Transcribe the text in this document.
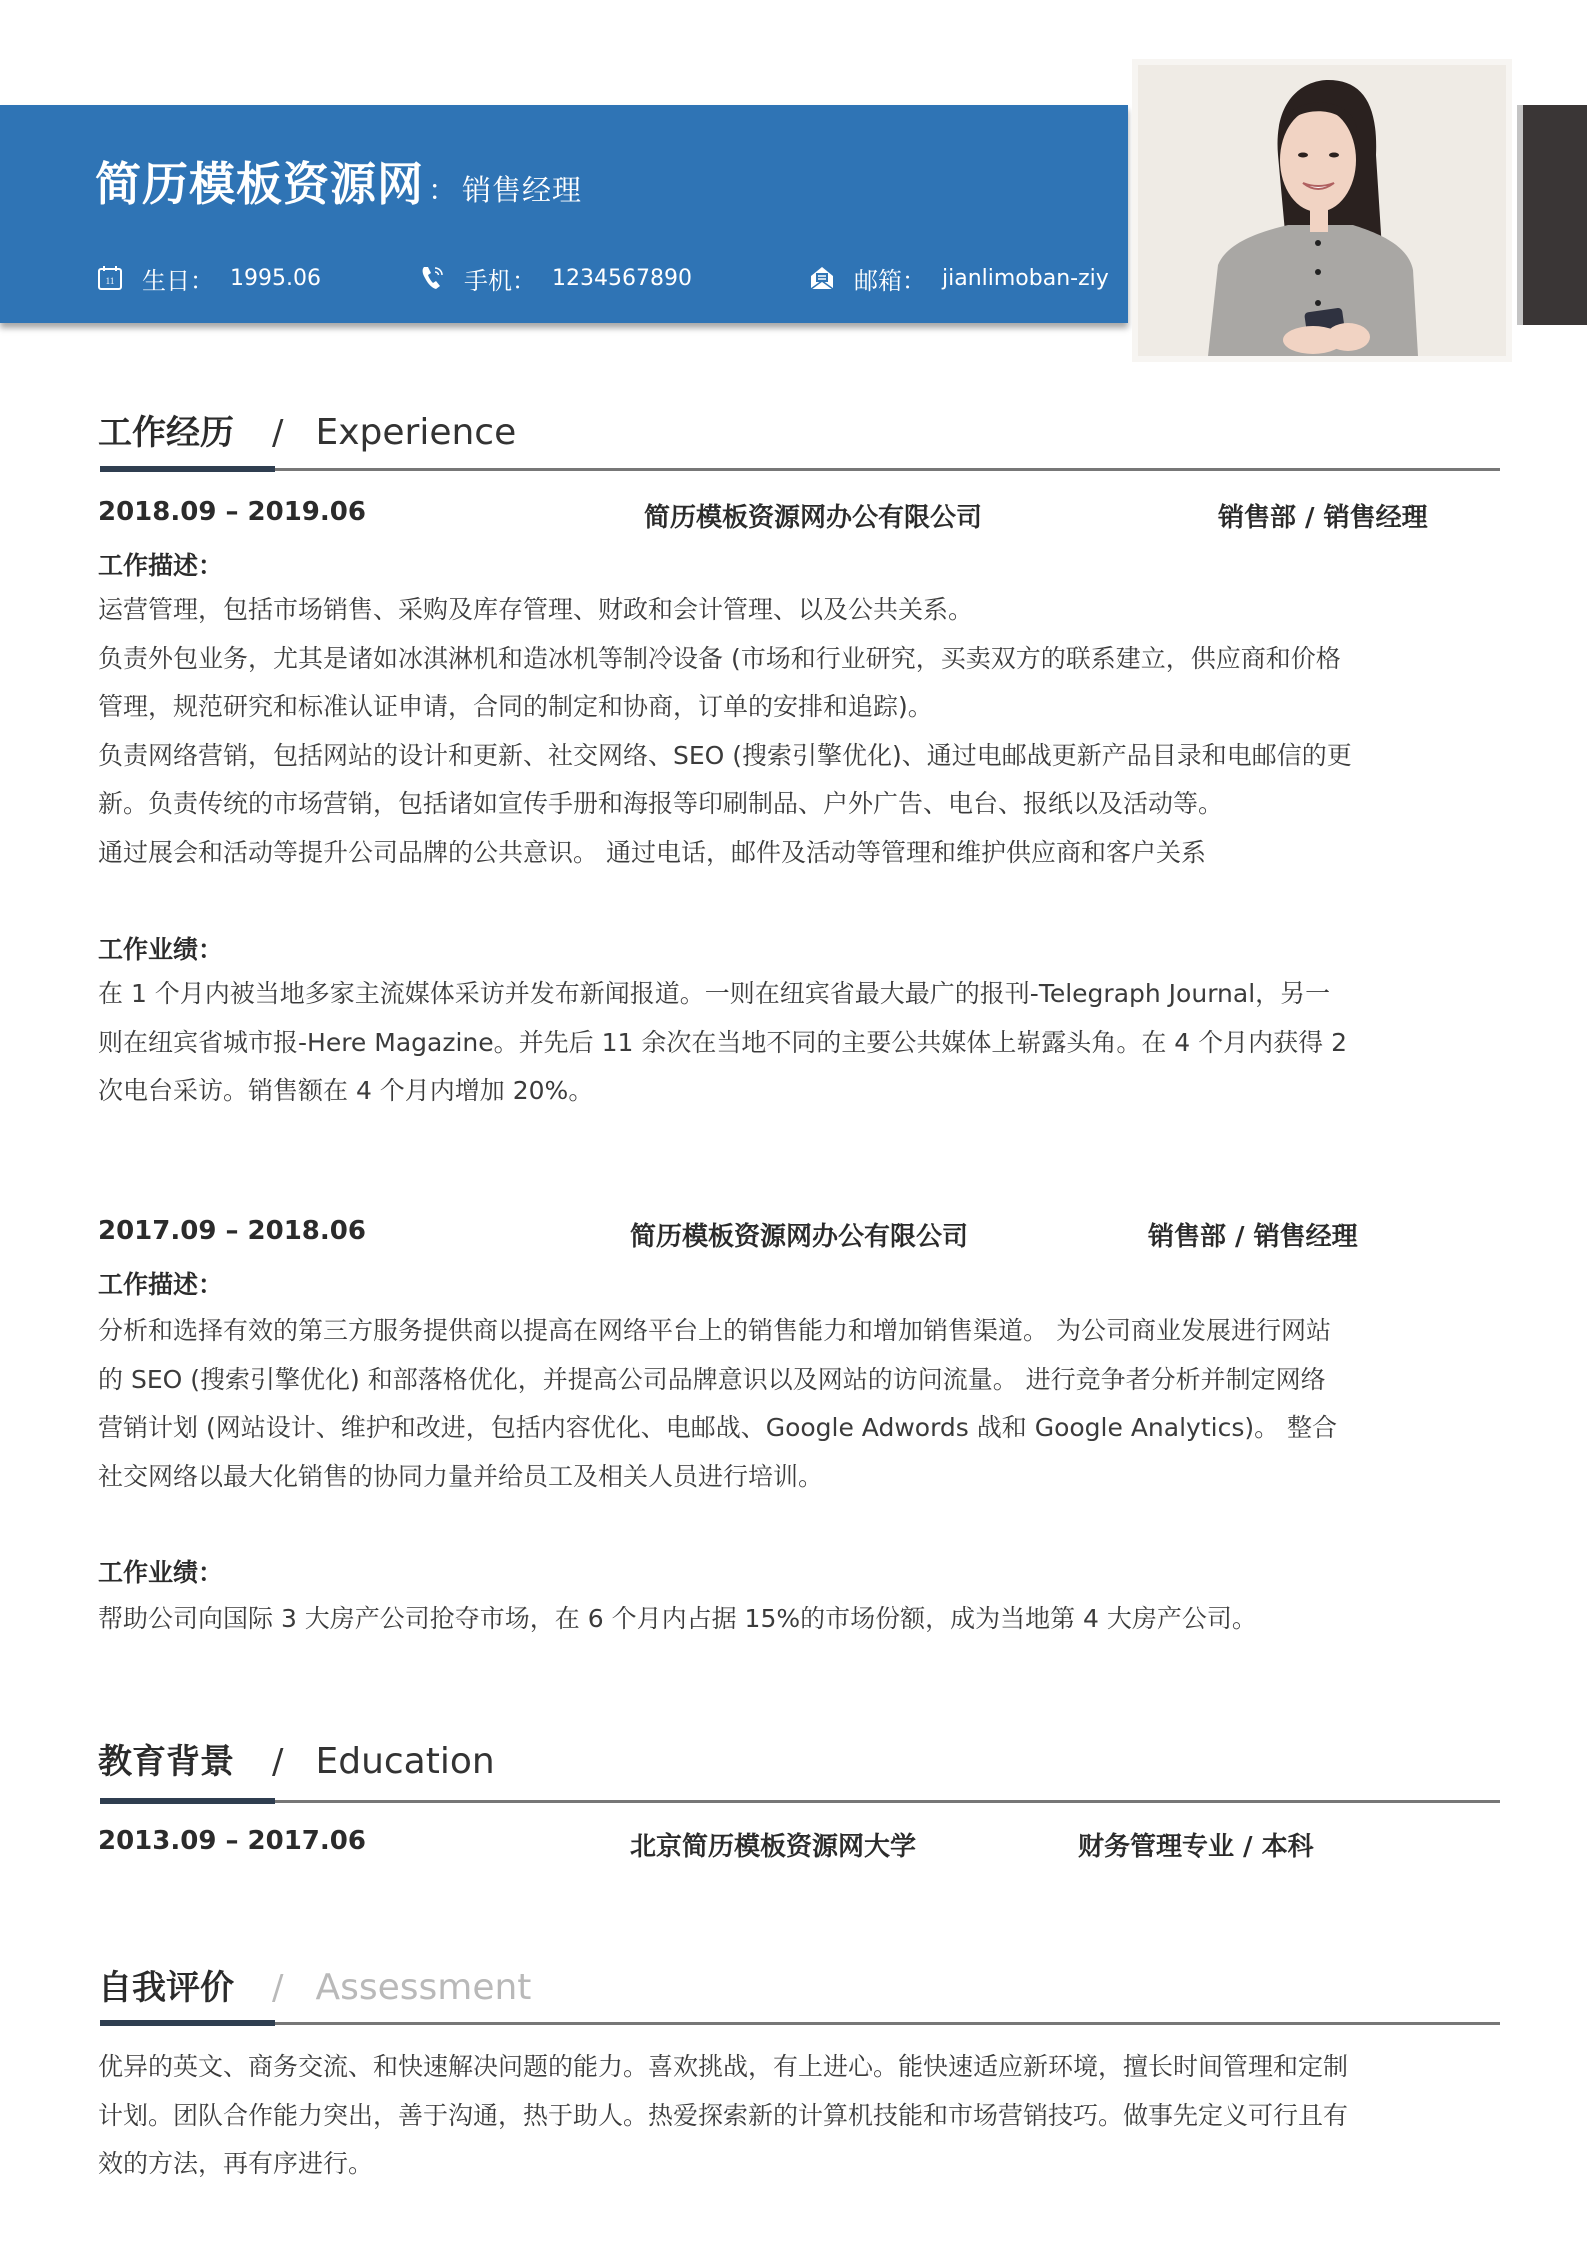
简历模板资源网 ： 销售经理
11 生日： 1995.06	手机： 1234567890	邮箱： jianlimoban-ziy
工作经历 / Experience
2018.09 – 2019.06	简历模板资源网办公有限公司	销售部 / 销售经理
工作描述：

运营管理，包括市场销售、采购及库存管理、财政和会计管理、以及公共关系。

负责外包业务，尤其是诸如冰淇淋机和造冰机等制冷设备 (市场和行业研究，买卖双方的联系建立，供应商和价格

管理，规范研究和标准认证申请，合同的制定和协商，订单的安排和追踪)。

负责网络营销，包括网站的设计和更新、社交网络、SEO (搜索引擎优化)、通过电邮战更新产品目录和电邮信的更

新。负责传统的市场营销，包括诸如宣传手册和海报等印刷制品、户外广告、电台、报纸以及活动等。

通过展会和活动等提升公司品牌的公共意识。 通过电话，邮件及活动等管理和维护供应商和客户关系

工作业绩：

在 1 个月内被当地多家主流媒体采访并发布新闻报道。一则在纽宾省最大最广的报刊-Telegraph Journal，另一

则在纽宾省城市报-Here Magazine。并先后 11 余次在当地不同的主要公共媒体上崭露头角。在 4 个月内获得 2

次电台采访。销售额在 4 个月内增加 20%。

2017.09 – 2018.06	简历模板资源网办公有限公司	销售部 / 销售经理
工作描述：

分析和选择有效的第三方服务提供商以提高在网络平台上的销售能力和增加销售渠道。 为公司商业发展进行网站

的 SEO (搜索引擎优化) 和部落格优化，并提高公司品牌意识以及网站的访问流量。 进行竞争者分析并制定网络

营销计划 (网站设计、维护和改进，包括内容优化、电邮战、Google Adwords 战和 Google Analytics)。 整合

社交网络以最大化销售的协同力量并给员工及相关人员进行培训。

工作业绩：

帮助公司向国际 3 大房产公司抢夺市场，在 6 个月内占据 15%的市场份额，成为当地第 4 大房产公司。

教育背景 / Education
2013.09 – 2017.06	北京简历模板资源网大学	财务管理专业 / 本科
自我评价 / Assessment

优异的英文、商务交流、和快速解决问题的能力。喜欢挑战，有上进心。能快速适应新环境，擅长时间管理和定制

计划。团队合作能力突出，善于沟通，热于助人。热爱探索新的计算机技能和市场营销技巧。做事先定义可行且有

效的方法，再有序进行。
